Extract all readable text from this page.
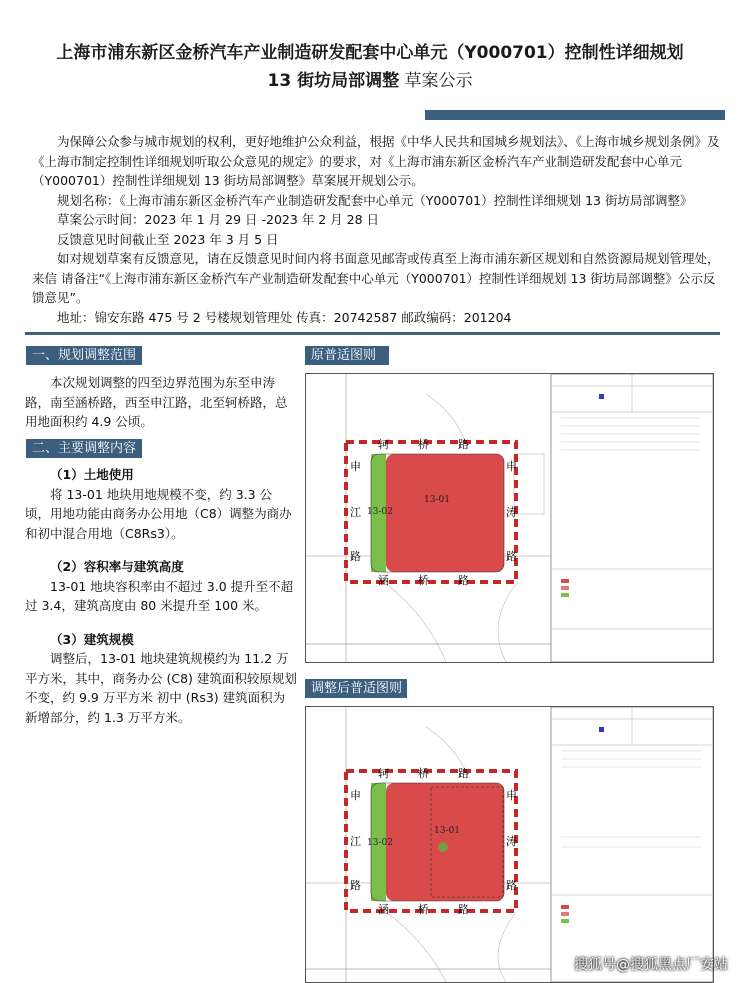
上海市浦东新区金桥汽车产业制造研发配套中心单元（Y000701）控制性详细规划
13 街坊局部调整 草案公示

为保障公众参与城市规划的权利，更好地维护公众利益，根据《中华人民共和国城乡规划法》、《上海市城乡规划条例》及《上海市制定控制性详细规划听取公众意见的规定》的要求，对《上海市浦东新区金桥汽车产业制造研发配套中心单元（Y000701）控制性详细规划 13 街坊局部调整》草案展开规划公示。

规划名称：《上海市浦东新区金桥汽车产业制造研发配套中心单元（Y000701）控制性详细规划 13 街坊局部调整》

草案公示时间：2023 年 1 月 29 日 -2023 年 2 月 28 日

反馈意见时间截止至 2023 年 3 月 5 日

如对规划草案有反馈意见，请在反馈意见时间内将书面意见邮寄或传真至上海市浦东新区规划和自然资源局规划管理处，来信 请备注“《上海市浦东新区金桥汽车产业制造研发配套中心单元（Y000701）控制性详细规划 13 街坊局部调整》公示反馈意见”。

地址：锦安东路 475 号 2 号楼规划管理处 传真：20742587 邮政编码：201204

一、规划调整范围

本次规划调整的四至边界范围为东至申涛路，南至涵桥路，西至申江路，北至轲桥路，总用地面积约 4.9 公顷。

二、主要调整内容

（1）土地使用

将 13-01 地块用地规模不变，约 3.3 公顷，用地功能由商务办公用地（C8）调整为商办和初中混合用地（C8Rs3）。

（2）容积率与建筑高度

13-01 地块容积率由不超过 3.0 提升至不超过 3.4，建筑高度由 80 米提升至 100 米。

（3）建筑规模

调整后，13-01 地块建筑规模约为 11.2 万平方米，其中，商务办公 (C8) 建筑面积较原规划不变，约 9.9 万平方米 初中 (Rs3) 建筑面积为新增部分，约 1.3 万平方米。

原普适图则
轲	桥	路
涵	桥	路
申
江
路
申
涛
路
13-01
13-02
调整后普适图则
轲	桥	路
涵	桥	路
申
江
路
申
涛
路
13-01
13-02
搜狐号@搜狐黑点厂安站
